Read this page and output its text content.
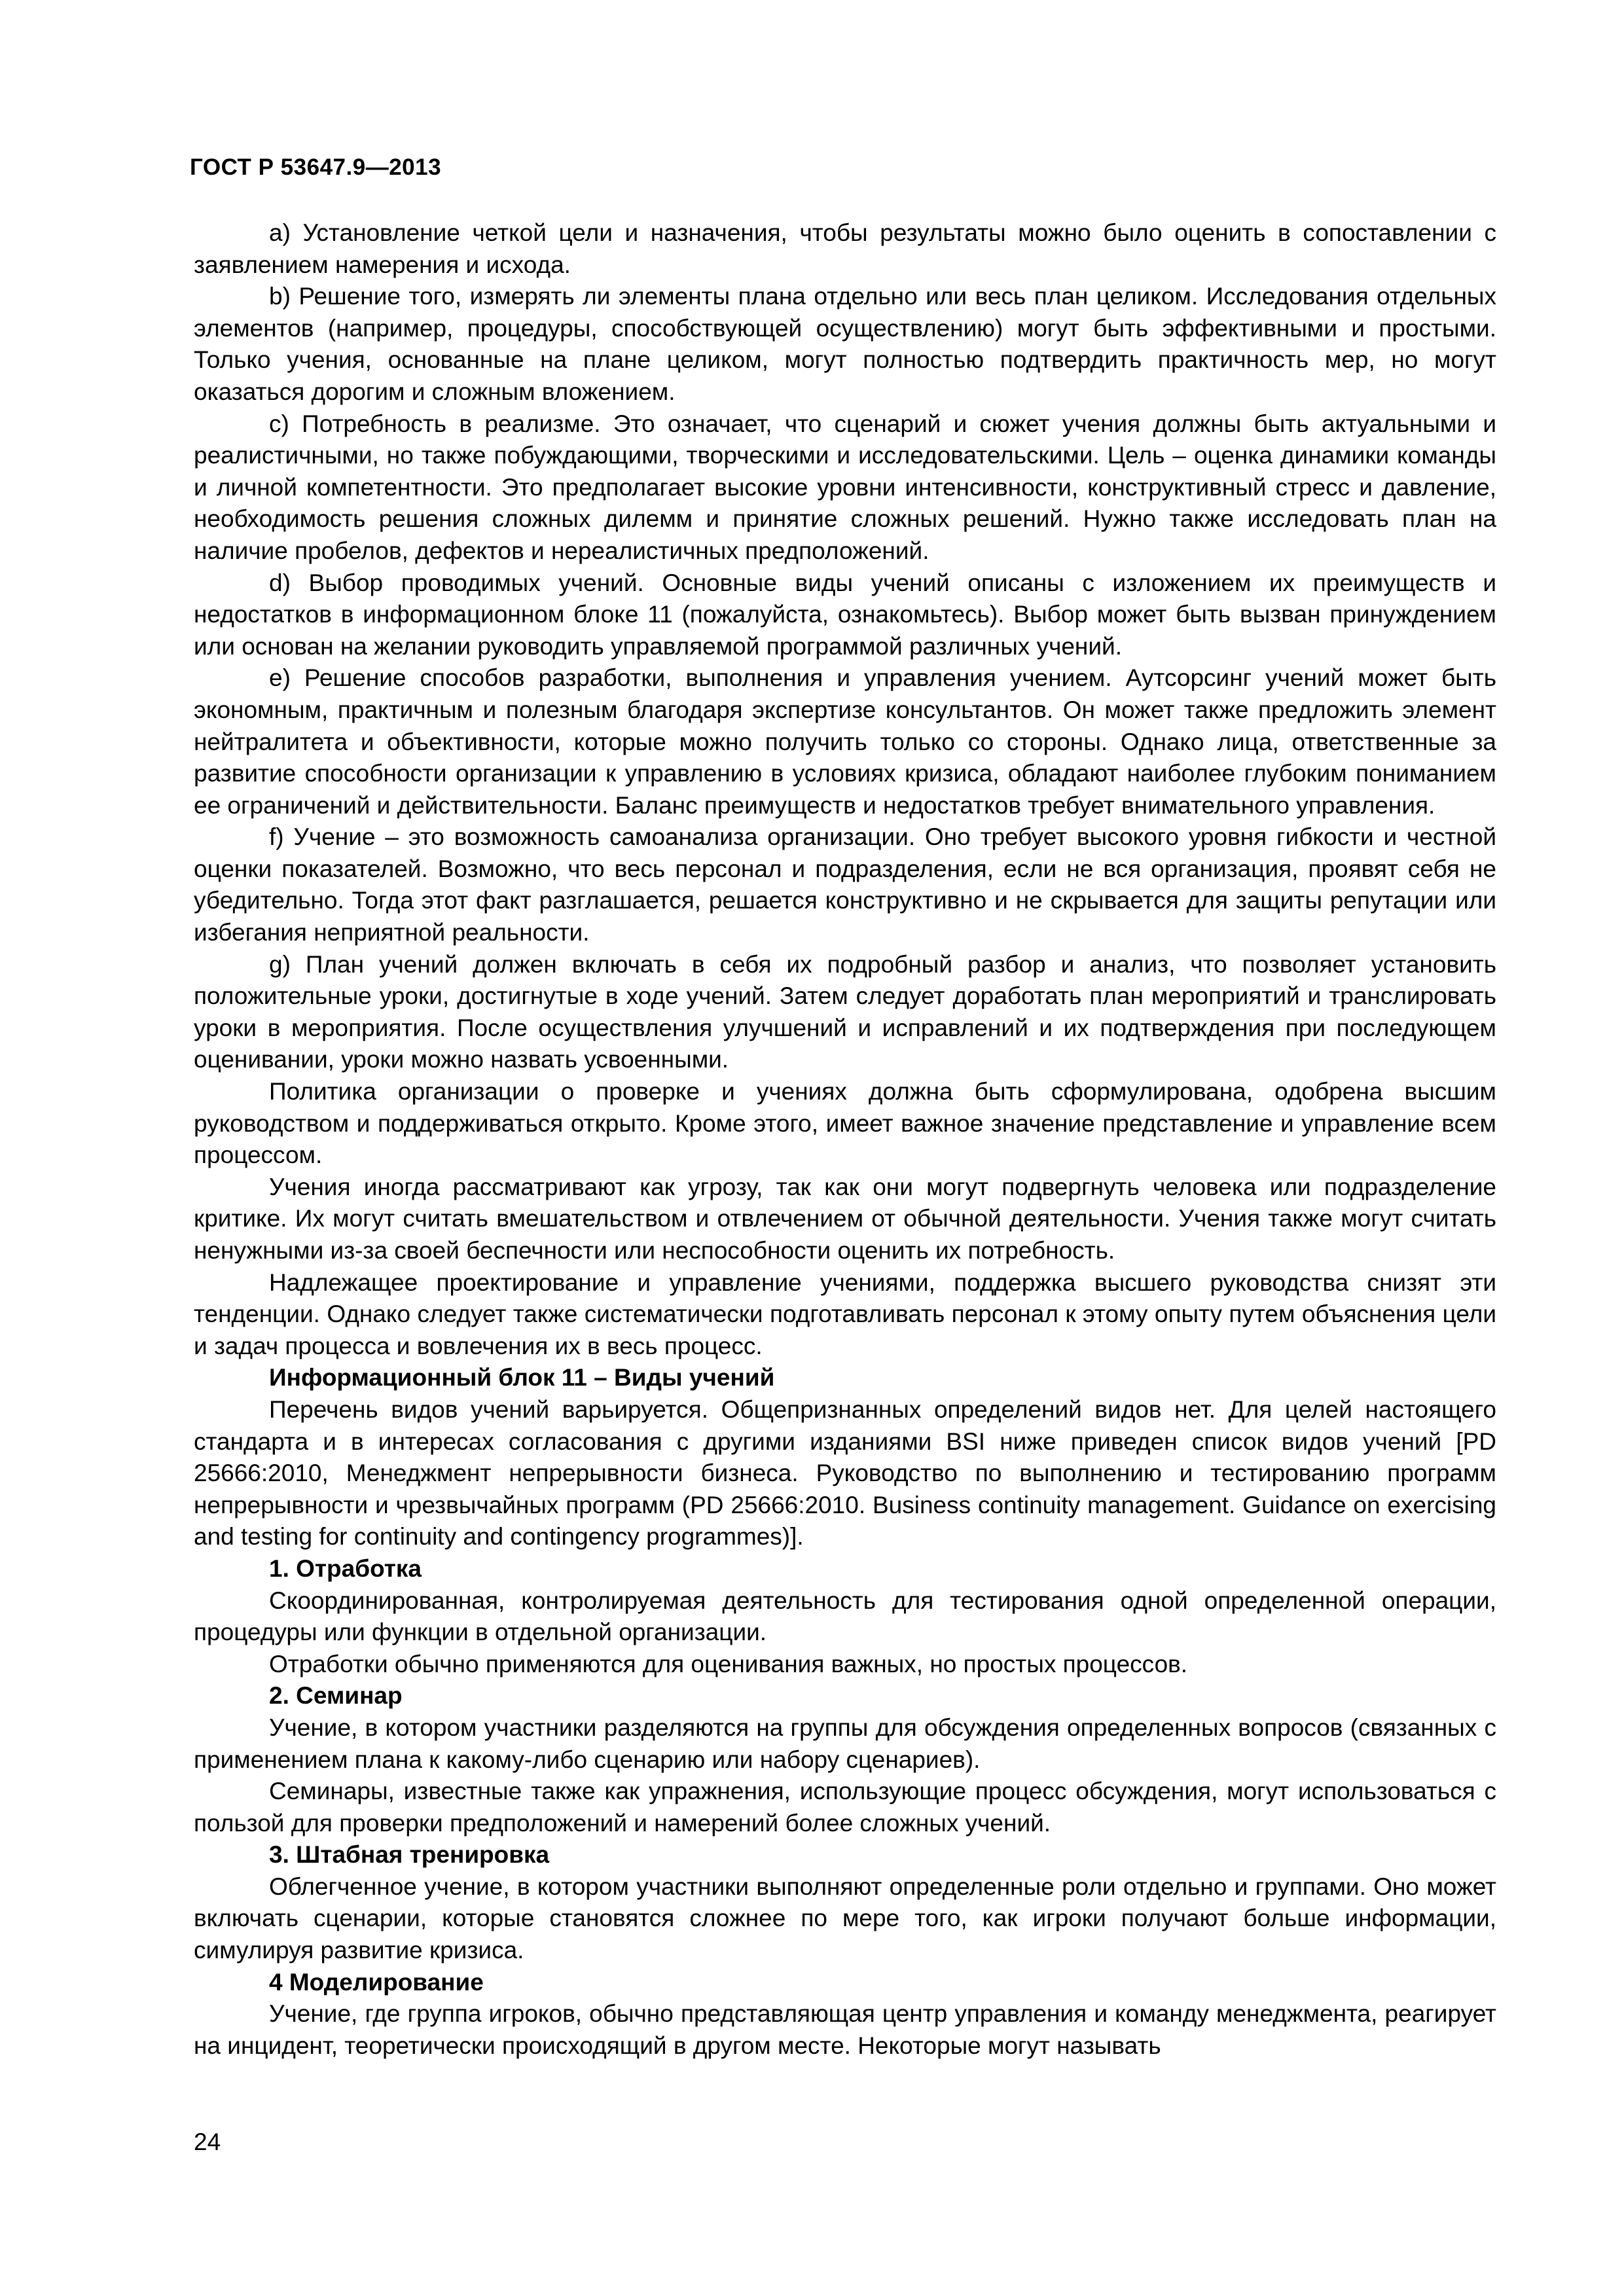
ГОСТ Р 53647.9—2013

a) Установление четкой цели и назначения, чтобы результаты можно было оценить в сопоставлении с заявлением намерения и исхода.

b) Решение того, измерять ли элементы плана отдельно или весь план целиком. Исследования отдельных элементов (например, процедуры, способствующей осуществлению) могут быть эффективными и простыми. Только учения, основанные на плане целиком, могут полностью подтвердить практичность мер, но могут оказаться дорогим и сложным вложением.

c) Потребность в реализме. Это означает, что сценарий и сюжет учения должны быть актуальными и реалистичными, но также побуждающими, творческими и исследовательскими. Цель – оценка динамики команды и личной компетентности. Это предполагает высокие уровни интенсивности, конструктивный стресс и давление, необходимость решения сложных дилемм и принятие сложных решений. Нужно также исследовать план на наличие пробелов, дефектов и нереалистичных предположений.

d) Выбор проводимых учений. Основные виды учений описаны с изложением их преимуществ и недостатков в информационном блоке 11 (пожалуйста, ознакомьтесь). Выбор может быть вызван принуждением или основан на желании руководить управляемой программой различных учений.

e) Решение способов разработки, выполнения и управления учением. Аутсорсинг учений может быть экономным, практичным и полезным благодаря экспертизе консультантов. Он может также предложить элемент нейтралитета и объективности, которые можно получить только со стороны. Однако лица, ответственные за развитие способности организации к управлению в условиях кризиса, обладают наиболее глубоким пониманием ее ограничений и действительности. Баланс преимуществ и недостатков требует внимательного управления.

f) Учение – это возможность самоанализа организации. Оно требует высокого уровня гибкости и честной оценки показателей. Возможно, что весь персонал и подразделения, если не вся организация, проявят себя не убедительно. Тогда этот факт разглашается, решается конструктивно и не скрывается для защиты репутации или избегания неприятной реальности.

g) План учений должен включать в себя их подробный разбор и анализ, что позволяет установить положительные уроки, достигнутые в ходе учений. Затем следует доработать план мероприятий и транслировать уроки в мероприятия. После осуществления улучшений и исправлений и их подтверждения при последующем оценивании, уроки можно назвать усвоенными.

Политика организации о проверке и учениях должна быть сформулирована, одобрена высшим руководством и поддерживаться открыто. Кроме этого, имеет важное значение представление и управление всем процессом.

Учения иногда рассматривают как угрозу, так как они могут подвергнуть человека или подразделение критике. Их могут считать вмешательством и отвлечением от обычной деятельности. Учения также могут считать ненужными из-за своей беспечности или неспособности оценить их потребность.

Надлежащее проектирование и управление учениями, поддержка высшего руководства снизят эти тенденции. Однако следует также систематически подготавливать персонал к этому опыту путем объяснения цели и задач процесса и вовлечения их в весь процесс.

Информационный блок 11 – Виды учений

Перечень видов учений варьируется. Общепризнанных определений видов нет. Для целей настоящего стандарта и в интересах согласования с другими изданиями BSI ниже приведен список видов учений [PD 25666:2010, Менеджмент непрерывности бизнеса. Руководство по выполнению и тестированию программ непрерывности и чрезвычайных программ (PD 25666:2010. Business continuity management. Guidance on exercising and testing for continuity and contingency programmes)].

1. Отработка

Скоординированная, контролируемая деятельность для тестирования одной определенной операции, процедуры или функции в отдельной организации.

Отработки обычно применяются для оценивания важных, но простых процессов.

2. Семинар

Учение, в котором участники разделяются на группы для обсуждения определенных вопросов (связанных с применением плана к какому-либо сценарию или набору сценариев).

Семинары, известные также как упражнения, использующие процесс обсуждения, могут использоваться с пользой для проверки предположений и намерений более сложных учений.

3. Штабная тренировка

Облегченное учение, в котором участники выполняют определенные роли отдельно и группами. Оно может включать сценарии, которые становятся сложнее по мере того, как игроки получают больше информации, симулируя развитие кризиса.

4 Моделирование

Учение, где группа игроков, обычно представляющая центр управления и команду менеджмента, реагирует на инцидент, теоретически происходящий в другом месте. Некоторые могут называть

24
